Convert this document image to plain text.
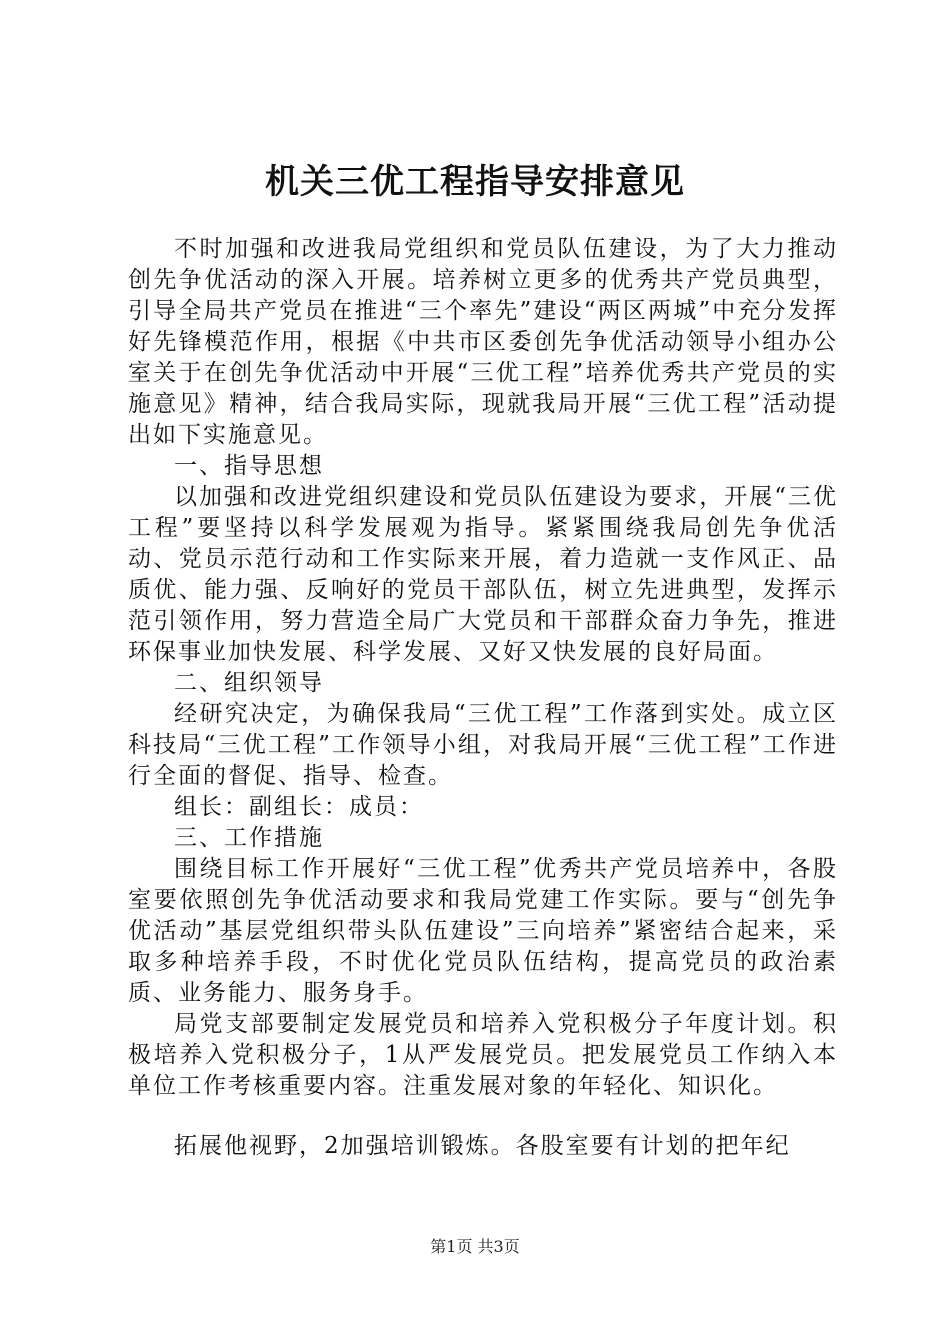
机关三优工程指导安排意见

不时加强和改进我局党组织和党员队伍建设，为了大力推动创先争优活动的深入开展。培养树立更多的优秀共产党员典型，引导全局共产党员在推进“三个率先”建设“两区两城”中充分发挥好先锋模范作用，根据《中共市区委创先争优活动领导小组办公室关于在创先争优活动中开展“三优工程”培养优秀共产党员的实施意见》精神，结合我局实际，现就我局开展“三优工程”活动提出如下实施意见。

一、指导思想

以加强和改进党组织建设和党员队伍建设为要求，开展“三优工程”要坚持以科学发展观为指导。紧紧围绕我局创先争优活动、党员示范行动和工作实际来开展，着力造就一支作风正、品质优、能力强、反响好的党员干部队伍，树立先进典型，发挥示范引领作用，努力营造全局广大党员和干部群众奋力争先，推进环保事业加快发展、科学发展、又好又快发展的良好局面。

二、组织领导

经研究决定，为确保我局“三优工程”工作落到实处。成立区科技局“三优工程”工作领导小组，对我局开展“三优工程”工作进行全面的督促、指导、检查。

组长：副组长：成员：

三、工作措施

围绕目标工作开展好“三优工程”优秀共产党员培养中，各股室要依照创先争优活动要求和我局党建工作实际。要与“创先争优活动”基层党组织带头队伍建设”三向培养”紧密结合起来，采取多种培养手段，不时优化党员队伍结构，提高党员的政治素质、业务能力、服务身手。

局党支部要制定发展党员和培养入党积极分子年度计划。积极培养入党积极分子，1从严发展党员。把发展党员工作纳入本单位工作考核重要内容。注重发展对象的年轻化、知识化。

拓展他视野，2加强培训锻炼。各股室要有计划的把年纪

第1页 共3页
